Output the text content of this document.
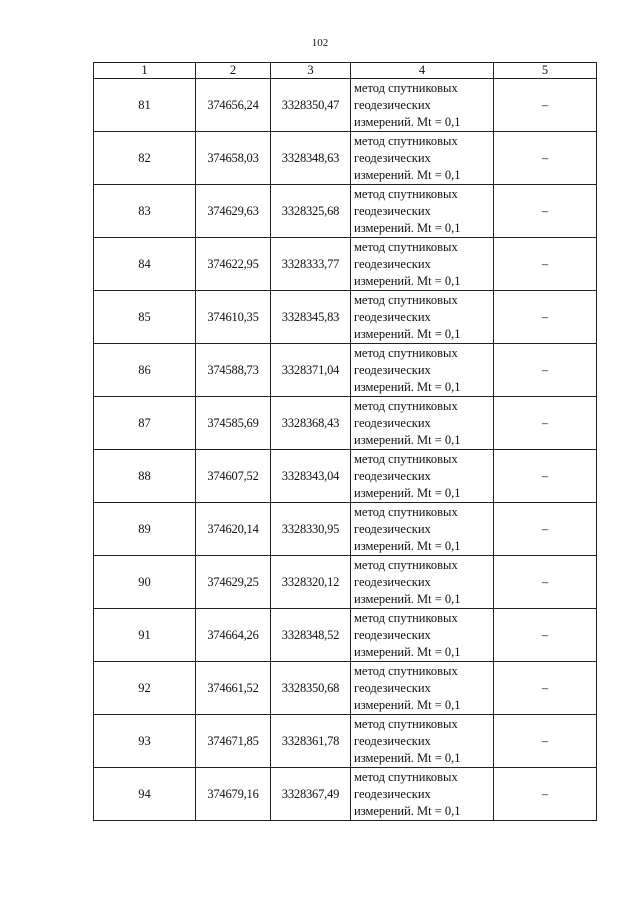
102
1	2	3	4	5
81	374656,24	3328350,47	метод спутниковых
геодезических
измерений. Mt = 0,1	–
82	374658,03	3328348,63	метод спутниковых
геодезических
измерений. Mt = 0,1	–
83	374629,63	3328325,68	метод спутниковых
геодезических
измерений. Mt = 0,1	–
84	374622,95	3328333,77	метод спутниковых
геодезических
измерений. Mt = 0,1	–
85	374610,35	3328345,83	метод спутниковых
геодезических
измерений. Mt = 0,1	–
86	374588,73	3328371,04	метод спутниковых
геодезических
измерений. Mt = 0,1	–
87	374585,69	3328368,43	метод спутниковых
геодезических
измерений. Mt = 0,1	–
88	374607,52	3328343,04	метод спутниковых
геодезических
измерений. Mt = 0,1	–
89	374620,14	3328330,95	метод спутниковых
геодезических
измерений. Mt = 0,1	–
90	374629,25	3328320,12	метод спутниковых
геодезических
измерений. Mt = 0,1	–
91	374664,26	3328348,52	метод спутниковых
геодезических
измерений. Mt = 0,1	–
92	374661,52	3328350,68	метод спутниковых
геодезических
измерений. Mt = 0,1	–
93	374671,85	3328361,78	метод спутниковых
геодезических
измерений. Mt = 0,1	–
94	374679,16	3328367,49	метод спутниковых
геодезических
измерений. Mt = 0,1	–
